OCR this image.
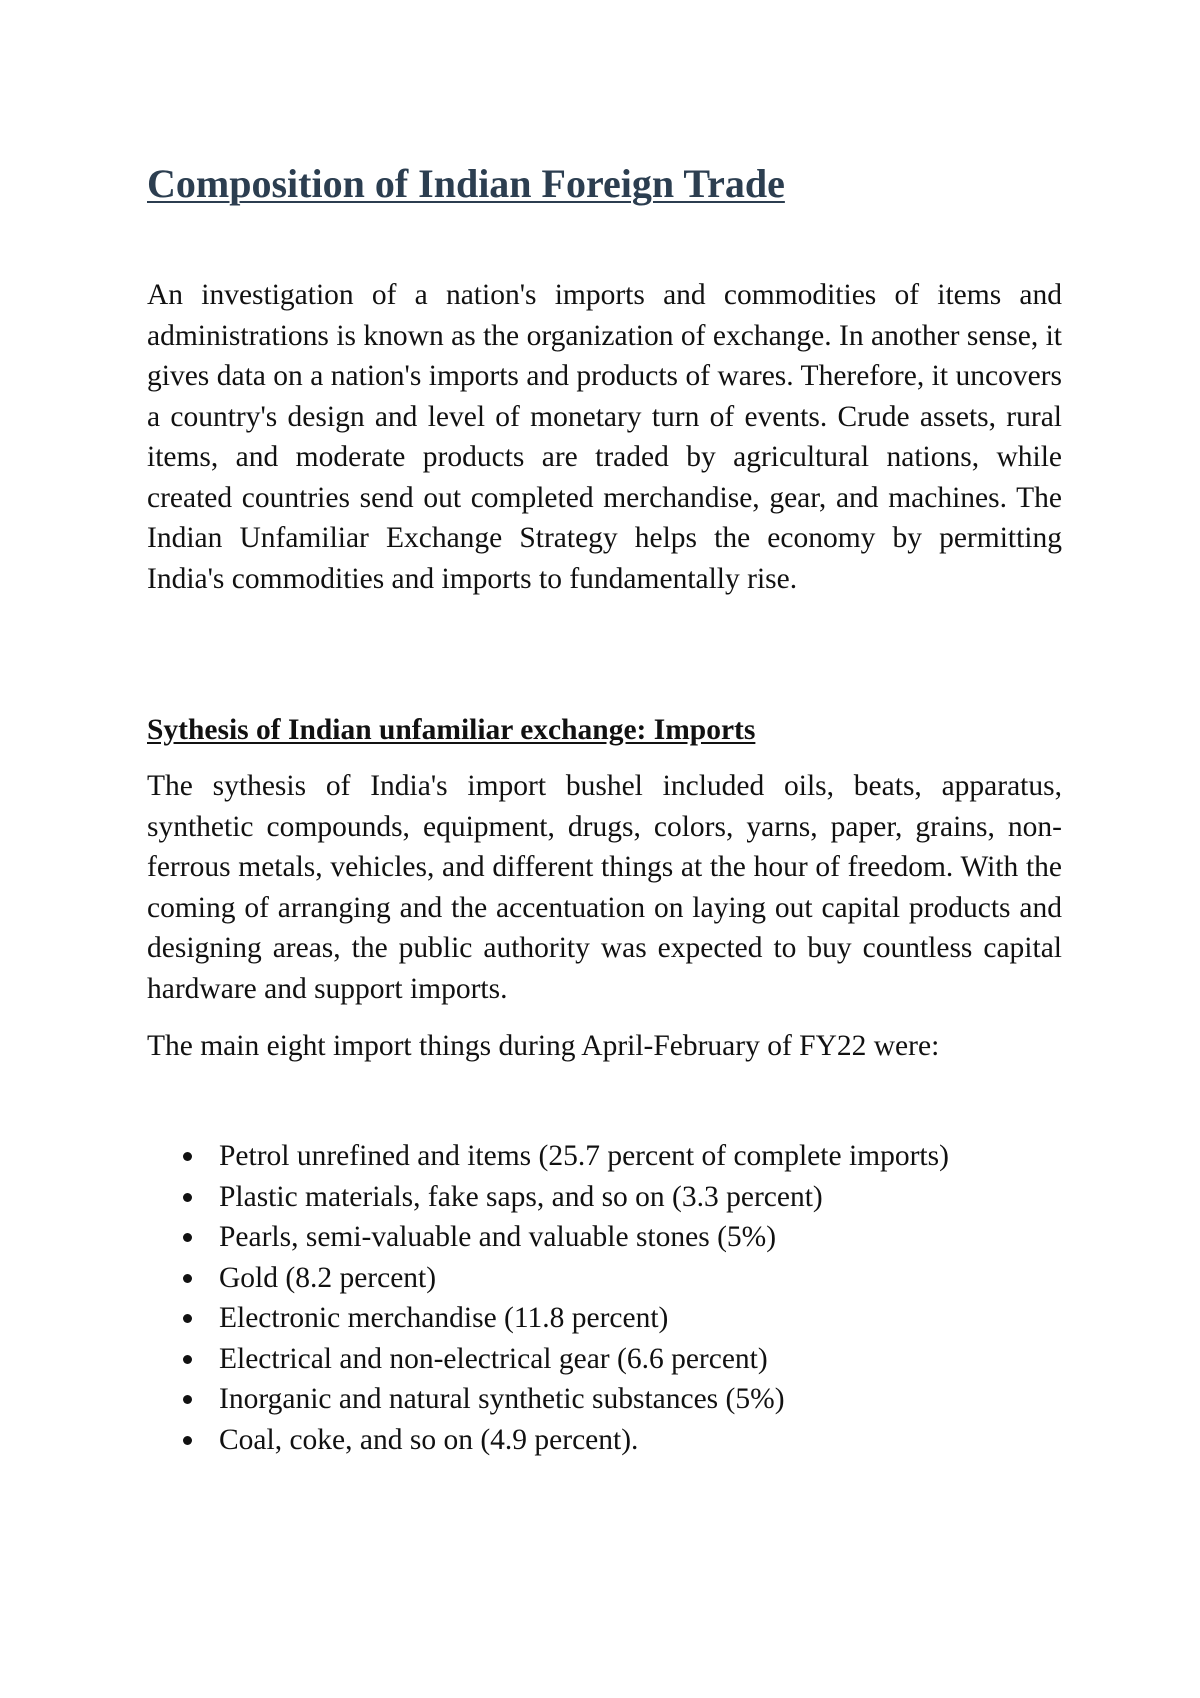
Composition of Indian Foreign Trade

An investigation of a nation's imports and commodities of items and administrations is known as the organization of exchange. In another sense, it gives data on a nation's imports and products of wares. Therefore, it uncovers a country's design and level of monetary turn of events. Crude assets, rural items, and moderate products are traded by agricultural nations, while created countries send out completed merchandise, gear, and machines. The Indian Unfamiliar Exchange Strategy helps the economy by permitting India's commodities and imports to fundamentally rise.

Sythesis of Indian unfamiliar exchange: Imports

The sythesis of India's import bushel included oils, beats, apparatus, synthetic compounds, equipment, drugs, colors, yarns, paper, grains, non-ferrous metals, vehicles, and different things at the hour of freedom. With the coming of arranging and the accentuation on laying out capital products and designing areas, the public authority was expected to buy countless capital hardware and support imports.

The main eight import things during April-February of FY22 were:

Petrol unrefined and items (25.7 percent of complete imports)
Plastic materials, fake saps, and so on (3.3 percent)
Pearls, semi-valuable and valuable stones (5%)
Gold (8.2 percent)
Electronic merchandise (11.8 percent)
Electrical and non-electrical gear (6.6 percent)
Inorganic and natural synthetic substances (5%)
Coal, coke, and so on (4.9 percent).
